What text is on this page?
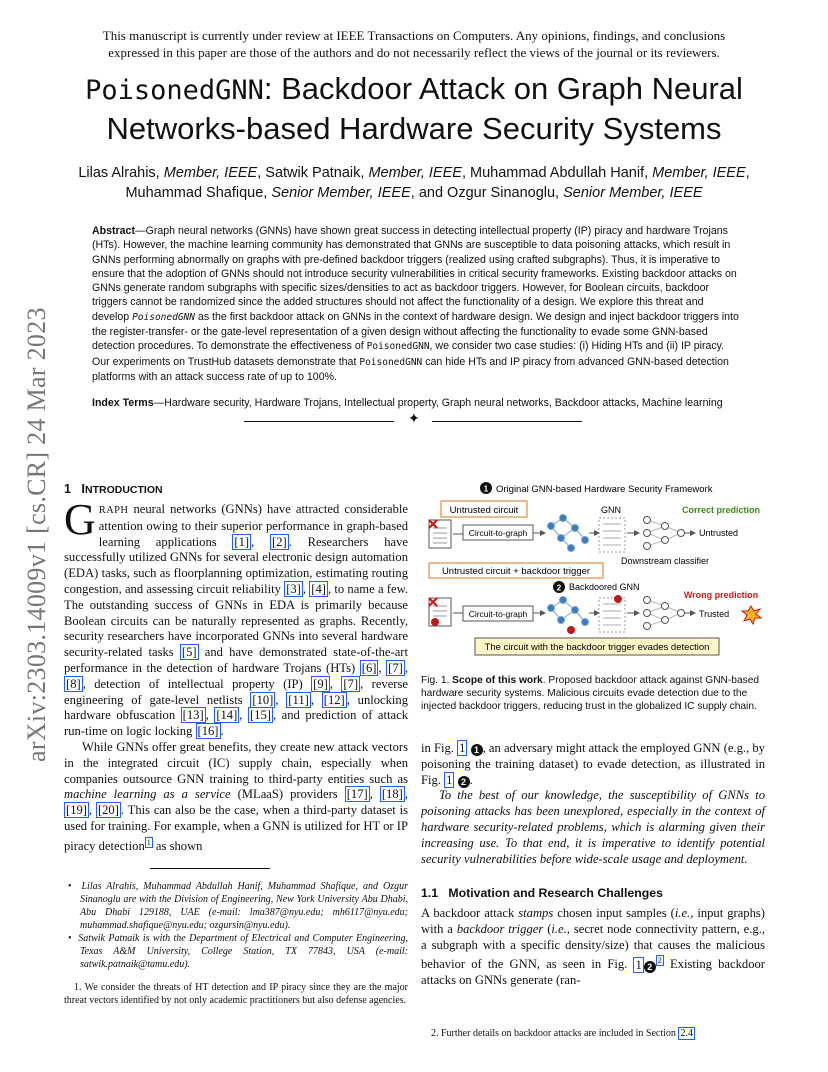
This manuscript is currently under review at IEEE Transactions on Computers. Any opinions, findings, and conclusions
expressed in this paper are those of the authors and do not necessarily reflect the views of the journal or its reviewers.
PoisonedGNN: Backdoor Attack on Graph Neural
Networks-based Hardware Security Systems
Lilas Alrahis, Member, IEEE, Satwik Patnaik, Member, IEEE, Muhammad Abdullah Hanif, Member, IEEE,
Muhammad Shafique, Senior Member, IEEE, and Ozgur Sinanoglu, Senior Member, IEEE
Abstract—Graph neural networks (GNNs) have shown great success in detecting intellectual property (IP) piracy and hardware Trojans (HTs). However, the machine learning community has demonstrated that GNNs are susceptible to data poisoning attacks, which result in GNNs performing abnormally on graphs with pre-defined backdoor triggers (realized using crafted subgraphs). Thus, it is imperative to ensure that the adoption of GNNs should not introduce security vulnerabilities in critical security frameworks. Existing backdoor attacks on GNNs generate random subgraphs with specific sizes/densities to act as backdoor triggers. However, for Boolean circuits, backdoor triggers cannot be randomized since the added structures should not affect the functionality of a design. We explore this threat and develop PoisonedGNN as the first backdoor attack on GNNs in the context of hardware design. We design and inject backdoor triggers into the register-transfer- or the gate-level representation of a given design without affecting the functionality to evade some GNN-based detection procedures. To demonstrate the effectiveness of PoisonedGNN, we consider two case studies: (i) Hiding HTs and (ii) IP piracy. Our experiments on TrustHub datasets demonstrate that PoisonedGNN can hide HTs and IP piracy from advanced GNN-based detection platforms with an attack success rate of up to 100%.
Index Terms—Hardware security, Hardware Trojans, Intellectual property, Graph neural networks, Backdoor attacks, Machine learning
✦
arXiv:2303.14009v1 [cs.CR] 24 Mar 2023 1 INTRODUCTION
GRAPH neural networks (GNNs) have attracted considerable attention owing to their superior performance in graph-based learning applications [1] , [2] . Researchers have successfully utilized GNNs for several electronic design automation (EDA) tasks, such as floorplanning optimization, estimating routing congestion, and assessing circuit reliability [3] , [4] , to name a few. The outstanding success of GNNs in EDA is primarily because Boolean circuits can be naturally represented as graphs. Recently, security researchers have incorporated GNNs into several hardware security-related tasks [5] and have demonstrated state-of-the-art performance in the detection of hardware Trojans (HTs) [6] , [7] , [8] , detection of intellectual property (IP) [9] , [7] , reverse engineering of gate-level netlists [10] , [11] , [12] , unlocking hardware obfuscation [13] , [14] , [15] , and prediction of attack run-time on logic locking [16] .
While GNNs offer great benefits, they create new attack vectors in the integrated circuit (IC) supply chain, especially when companies outsource GNN training to third-party entities such as machine learning as a service (MLaaS) providers [17] , [18] , [19] , [20] . This can also be the case, when a third-party dataset is used for training. For example, when a GNN is utilized for HT or IP piracy detection $^1$ as shown
•  Lilas Alrahis, Muhammad Abdullah Hanif, Muhammad Shafique, and Ozgur Sinanoglu are with the Division of Engineering, New York University Abu Dhabi, Abu Dhabi 129188, UAE (e-mail: lma387@nyu.edu; mh6117@nyu.edu; muhammad.shafique@nyu.edu; ozgursin@nyu.edu).
•  Satwik Patnaik is with the Department of Electrical and Computer Engineering, Texas A&M University, College Station, TX 77843, USA (e-mail: satwik.patnaik@tamu.edu).
1. We consider the threats of HT detection and IP piracy since they are the major threat vectors identified by not only academic practitioners but also defense agencies.
1 Original GNN-based Hardware Security Framework
Untrusted circuit
Circuit-to-graph
GNN	Correct prediction
Untrusted
Downstream classifier
Untrusted circuit + backdoor trigger
2 Backdoored GNN
Circuit-to-graph
Wrong prediction
Trusted
The circuit with the backdoor trigger evades detection
Fig. 1. Scope of this work. Proposed backdoor attack against GNN-based hardware security systems. Malicious circuits evade detection due to the injected backdoor triggers, reducing trust in the globalized IC supply chain.
in Fig. 1 1 , an adversary might attack the employed GNN (e.g., by poisoning the training dataset) to evade detection, as illustrated in Fig. 1 2 .
To the best of our knowledge, the susceptibility of GNNs to poisoning attacks has been unexplored, especially in the context of hardware security-related problems, which is alarming given their increasing use. To that end, it is imperative to identify potential security vulnerabilities before wide-scale usage and deployment.
1.1 Motivation and Research Challenges
A backdoor attack stamps chosen input samples (i.e., input graphs) with a backdoor trigger (i.e., secret node connectivity pattern, e.g., a subgraph with a specific density/size) that causes the malicious behavior of the GNN, as seen in Fig. 1 2$^2$ Existing backdoor attacks on GNNs generate (ran-
2. Further details on backdoor attacks are included in Section 2.4
